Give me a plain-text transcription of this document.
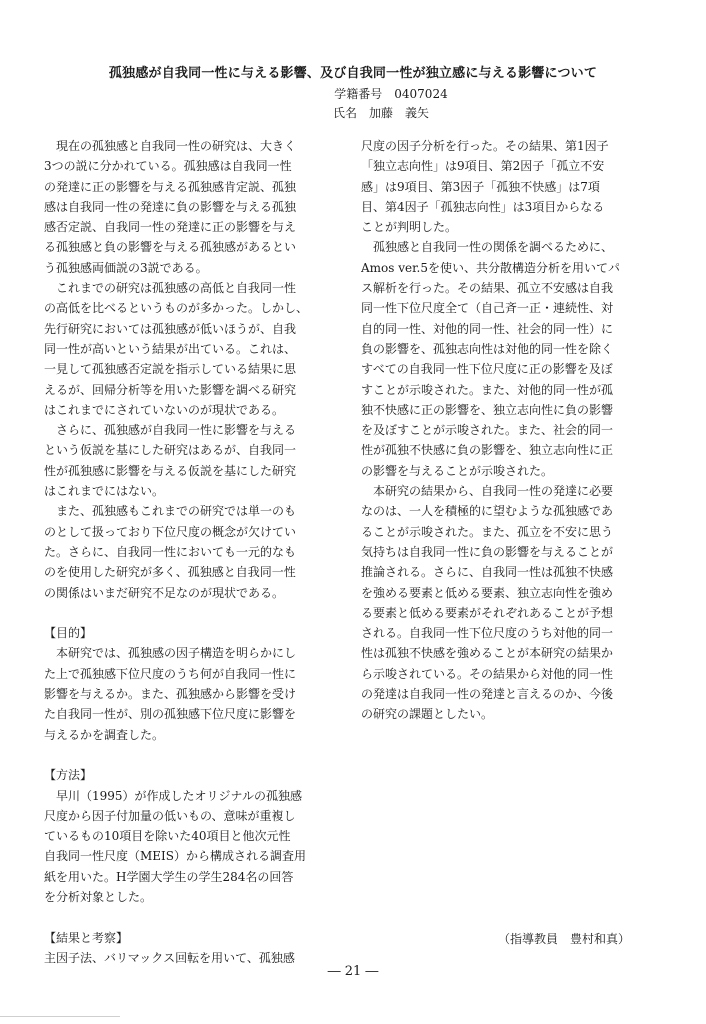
孤独感が自我同一性に与える影響、及び自我同一性が独立感に与える影響について
学籍番号　0407024
氏名　加藤　義矢
　現在の孤独感と自我同一性の研究は、大きく
3つの説に分かれている。孤独感は自我同一性
の発達に正の影響を与える孤独感肯定説、孤独
感は自我同一性の発達に負の影響を与える孤独
感否定説、自我同一性の発達に正の影響を与え
る孤独感と負の影響を与える孤独感があるとい
う孤独感両価説の3説である。
　これまでの研究は孤独感の高低と自我同一性
の高低を比べるというものが多かった。しかし、
先行研究においては孤独感が低いほうが、自我
同一性が高いという結果が出ている。これは、
一見して孤独感否定説を指示している結果に思
えるが、回帰分析等を用いた影響を調べる研究
はこれまでにされていないのが現状である。
　さらに、孤独感が自我同一性に影響を与える
という仮説を基にした研究はあるが、自我同一
性が孤独感に影響を与える仮説を基にした研究
はこれまでにはない。
　また、孤独感もこれまでの研究では単一のも
のとして扱っており下位尺度の概念が欠けてい
た。さらに、自我同一性においても一元的なも
のを使用した研究が多く、孤独感と自我同一性
の関係はいまだ研究不足なのが現状である。
【目的】
　本研究では、孤独感の因子構造を明らかにし
た上で孤独感下位尺度のうち何が自我同一性に
影響を与えるか。また、孤独感から影響を受け
た自我同一性が、別の孤独感下位尺度に影響を
与えるかを調査した。
【方法】
　早川（1995）が作成したオリジナルの孤独感
尺度から因子付加量の低いもの、意味が重複し
ているもの10項目を除いた40項目と他次元性
自我同一性尺度（MEIS）から構成される調査用
紙を用いた。H学園大学生の学生284名の回答
を分析対象とした。
【結果と考察】
主因子法、バリマックス回転を用いて、孤独感
尺度の因子分析を行った。その結果、第1因子
「独立志向性」は9項目、第2因子「孤立不安
感」は9項目、第3因子「孤独不快感」は7項
目、第4因子「孤独志向性」は3項目からなる
ことが判明した。
　孤独感と自我同一性の関係を調べるために、
Amos ver.5を使い、共分散構造分析を用いてパ
ス解析を行った。その結果、孤立不安感は自我
同一性下位尺度全て（自己斉一正・連続性、対
自的同一性、対他的同一性、社会的同一性）に
負の影響を、孤独志向性は対他的同一性を除く
すべての自我同一性下位尺度に正の影響を及ぼ
すことが示唆された。また、対他的同一性が孤
独不快感に正の影響を、独立志向性に負の影響
を及ぼすことが示唆された。また、社会的同一
性が孤独不快感に負の影響を、独立志向性に正
の影響を与えることが示唆された。
　本研究の結果から、自我同一性の発達に必要
なのは、一人を積極的に望むような孤独感であ
ることが示唆された。また、孤立を不安に思う
気持ちは自我同一性に負の影響を与えることが
推論される。さらに、自我同一性は孤独不快感
を強める要素と低める要素、独立志向性を強め
る要素と低める要素がそれぞれあることが予想
される。自我同一性下位尺度のうち対他的同一
性は孤独不快感を強めることが本研究の結果か
ら示唆されている。その結果から対他的同一性
の発達は自我同一性の発達と言えるのか、今後
の研究の課題としたい。
（指導教員　豊村和真）
― 21 ―
